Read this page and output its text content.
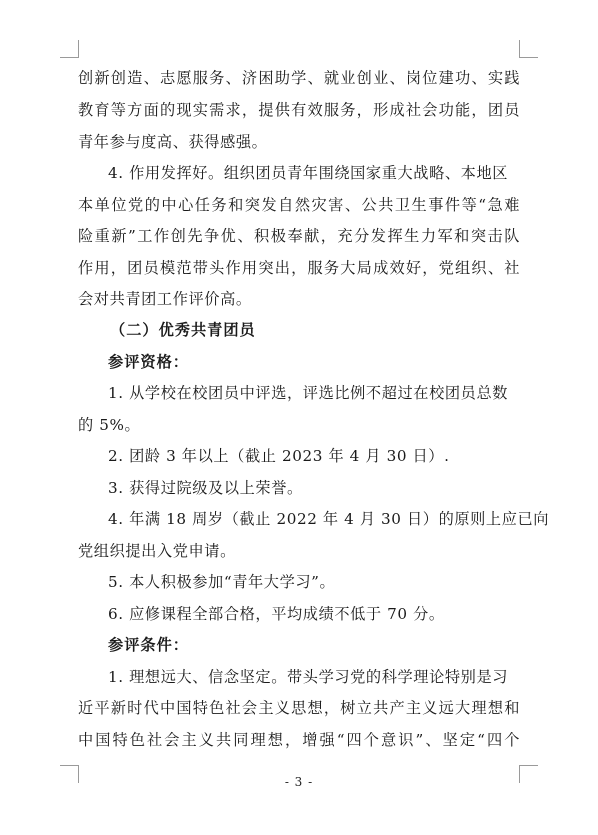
创新创造、志愿服务、济困助学、就业创业、岗位建功、实践
教育等方面的现实需求，提供有效服务，形成社会功能，团员
青年参与度高、获得感强。
4. 作用发挥好。组织团员青年围绕国家重大战略、本地区
本单位党的中心任务和突发自然灾害、公共卫生事件等“急难
险重新”工作创先争优、积极奉献，充分发挥生力军和突击队
作用，团员模范带头作用突出，服务大局成效好，党组织、社
会对共青团工作评价高。
（二）优秀共青团员
参评资格：
1. 从学校在校团员中评选，评选比例不超过在校团员总数
的 5%。
2. 团龄 3 年以上（截止 2023 年 4 月 30 日）.
3. 获得过院级及以上荣誉。
4. 年满 18 周岁（截止 2022 年 4 月 30 日）的原则上应已向
党组织提出入党申请。
5. 本人积极参加“青年大学习”。
6. 应修课程全部合格，平均成绩不低于 70 分。
参评条件：
1. 理想远大、信念坚定。带头学习党的科学理论特别是习
近平新时代中国特色社会主义思想，树立共产主义远大理想和
中国特色社会主义共同理想，增强“四个意识”、坚定“四个
- 3 -
